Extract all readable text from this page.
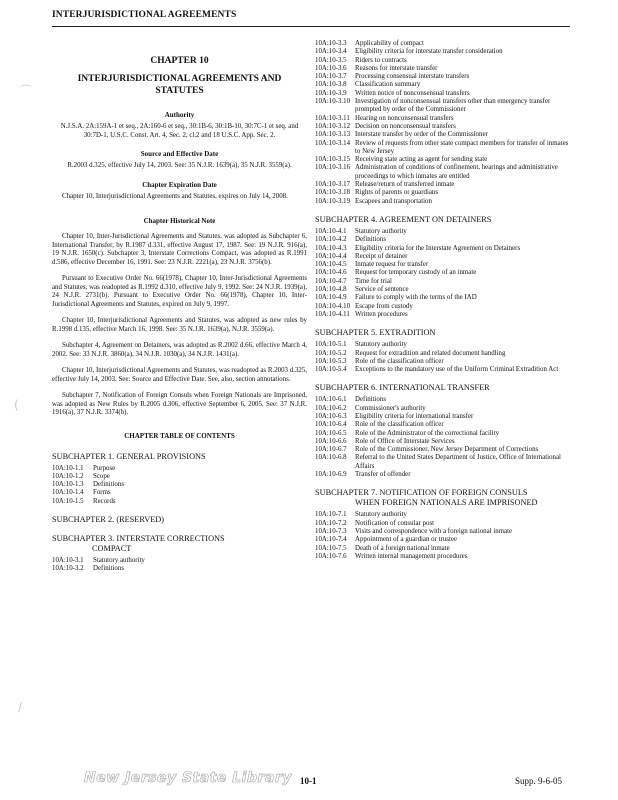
INTERJURISDICTIONAL AGREEMENTS
⌒
(
/
CHAPTER 10
INTERJURISDICTIONAL AGREEMENTS AND STATUTES
Authority
N.J.S.A. 2A:159A-1 et seq., 2A:160-6 et seq., 30:1B-6, 30:1B-10, 30:7C-1 et seq. and 30:7D-1, U.S.C. Const. Art. 4, Sec. 2, cl.2 and 18 U.S.C. App. Sec. 2.
Source and Effective Date
R.2003 d.325, effective July 14, 2003. See: 35 N.J.R. 1639(a), 35 N.J.R. 3559(a).
Chapter Expiration Date
Chapter 10, Interjurisdictional Agreements and Statutes, expires on July 14, 2008.
Chapter Historical Note
Chapter 10, Inter-Jurisdictional Agreements and Statutes, was adopted as Subchapter 6, International Transfer, by R.1987 d.331, effective August 17, 1987. See: 19 N.J.R. 916(a), 19 N.J.R. 1650(c). Subchapter 3, Interstate Corrections Compact, was adopted as R.1991 d.586, effective December 16, 1991. See: 23 N.J.R. 2221(a), 23 N.J.R. 3756(b).
Pursuant to Executive Order No. 66(1978), Chapter 10, Inter-Jurisdictional Agreements and Statutes, was readopted as R.1992 d.310, effective July 9, 1992. See: 24 N.J.R. 1939(a), 24 N.J.R. 2731(b). Pursuant to Executive Order No. 66(1978), Chapter 10, Inter-Jurisdictional Agreements and Statutes, expired on July 9, 1997.
Chapter 10, Interjurisdictional Agreements and Statutes, was adopted as new rules by R.1998 d.135, effective March 16, 1998. See: 35 N.J.R. 1639(a), N.J.R. 3559(a).
Subchapter 4, Agreement on Detainers, was adopted as R.2002 d.66, effective March 4, 2002. See: 33 N.J.R. 3860(a), 34 N.J.R. 1030(a), 34 N.J.R. 1431(a).
Chapter 10, Interjurisdictional Agreements and Statutes, was readopted as R.2003 d.325, effective July 14, 2003. See: Source and Effective Date. See, also, section annotations.
Subchapter 7, Notification of Foreign Consuls when Foreign Nationals are Imprisoned, was adopted as New Rules by R.2005 d.306, effective September 6, 2005. See: 37 N.J.R. 1916(a), 37 N.J.R. 3374(b).
CHAPTER TABLE OF CONTENTS
SUBCHAPTER 1. GENERAL PROVISIONS
10A:10-1.1	Purpose
10A:10-1.2	Scope
10A:10-1.3	Definitions
10A:10-1.4	Forms
10A:10-1.5	Records
SUBCHAPTER 2. (RESERVED)
SUBCHAPTER 3. INTERSTATE CORRECTIONS
COMPACT
10A:10-3.1	Statutory authority
10A:10-3.2	Definitions
10A:10-3.3	Applicability of compact
10A:10-3.4	Eligibility criteria for interstate transfer consideration
10A:10-3.5	Riders to contracts
10A:10-3.6	Reasons for interstate transfer
10A:10-3.7	Processing consensual interstate transfers
10A:10-3.8	Classification summary
10A:10-3.9	Written notice of nonconsensual transfers
10A:10-3.10 Investigation of nonconsensual transfers other than emergency transfer prompted by order of the Commissioner
10A:10-3.11 Hearing on nonconsensual transfers
10A:10-3.12 Decision on nonconsensual transfers
10A:10-3.13 Interstate transfer by order of the Commissioner
10A:10-3.14 Review of requests from other state compact members for transfer of inmates to New Jersey
10A:10-3.15 Receiving state acting as agent for sending state
10A:10-3.16 Administration of conditions of confinement, hearings and administrative proceedings to which inmates are entitled
10A:10-3.17 Release/return of transferred inmate
10A:10-3.18 Rights of parents or guardians
10A:10-3.19 Escapees and transportation
SUBCHAPTER 4. AGREEMENT ON DETAINERS
10A:10-4.1	Statutory authority
10A:10-4.2	Definitions
10A:10-4.3	Eligibility criteria for the Interstate Agreement on Detainers
10A:10-4.4	Receipt of detainer
10A:10-4.5	Inmate request for transfer
10A:10-4.6	Request for temporary custody of an inmate
10A:10-4.7	Time for trial
10A:10-4.8	Service of sentence
10A:10-4.9	Failure to comply with the terms of the IAD
10A:10-4.10 Escape from custody
10A:10-4.11 Written procedures
SUBCHAPTER 5. EXTRADITION
10A:10-5.1	Statutory authority
10A:10-5.2	Request for extradition and related document handling
10A:10-5.3	Role of the classification officer
10A:10-5.4	Exceptions to the mandatory use of the Uniform Criminal Extradition Act
SUBCHAPTER 6. INTERNATIONAL TRANSFER
10A:10-6.1	Definitions
10A:10-6.2	Commissioner's authority
10A:10-6.3	Eligibility criteria for international transfer
10A:10-6.4	Role of the classification officer
10A:10-6.5	Role of the Administrator of the correctional facility
10A:10-6.6	Role of Office of Interstate Services
10A:10-6.7	Role of the Commissioner, New Jersey Department of Corrections
10A:10-6.8	Referral to the United States Department of Justice, Office of International Affairs
10A:10-6.9	Transfer of offender
SUBCHAPTER 7. NOTIFICATION OF FOREIGN CONSULS
WHEN FOREIGN NATIONALS ARE IMPRISONED
10A:10-7.1	Statutory authority
10A:10-7.2	Notification of consular post
10A:10-7.3	Visits and correspondence with a foreign national inmate
10A:10-7.4	Appointment of a guardian or trustee
10A:10-7.5	Death of a foreign national inmate
10A:10-7.6	Written internal management procedures
New Jersey State Library 10-1	Supp. 9-6-05
